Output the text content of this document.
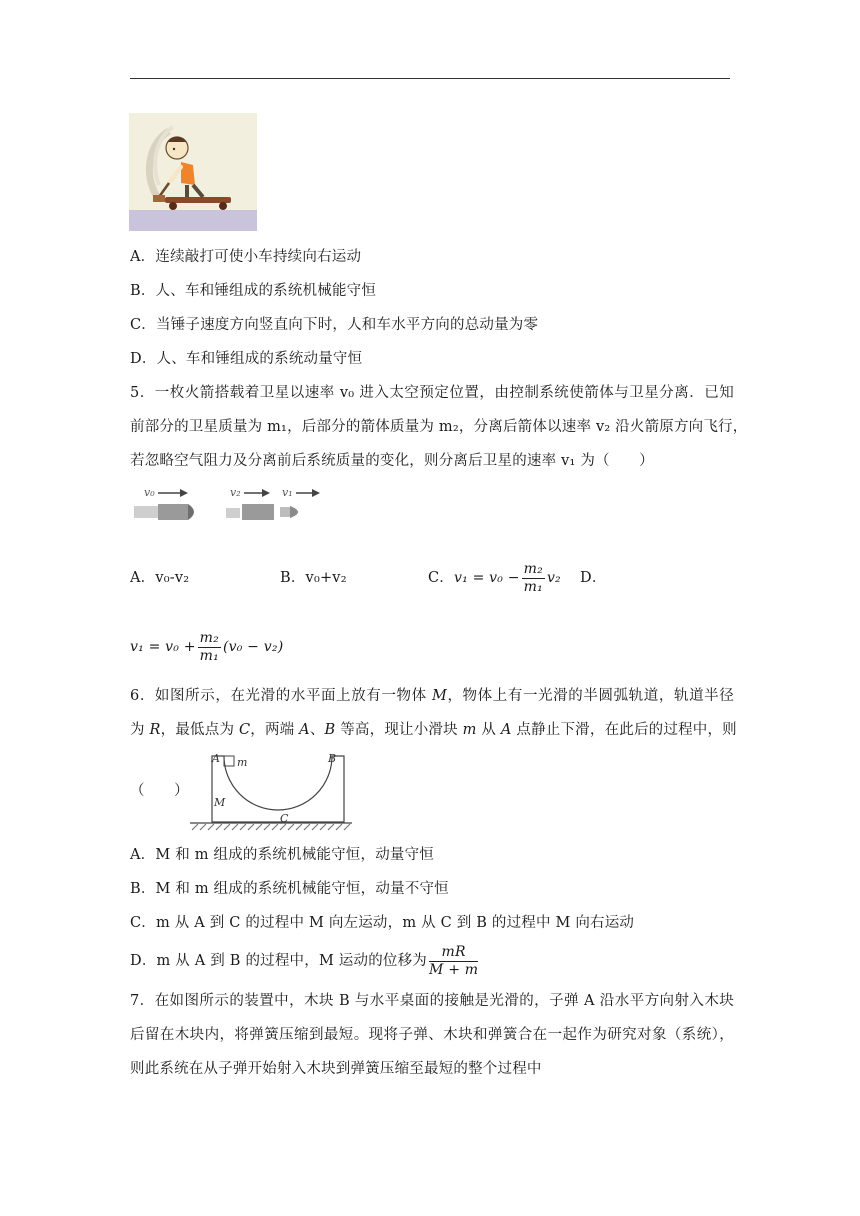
A．连续敲打可使小车持续向右运动
B．人、车和锤组成的系统机械能守恒
C．当锤子速度方向竖直向下时，人和车水平方向的总动量为零
D．人、车和锤组成的系统动量守恒
5．一枚火箭搭载着卫星以速率 v₀ 进入太空预定位置，由控制系统使箭体与卫星分离．已知
前部分的卫星质量为 m₁，后部分的箭体质量为 m₂，分离后箭体以速率 v₂ 沿火箭原方向飞行，
若忽略空气阻力及分离前后系统质量的变化，则分离后卫星的速率 v₁ 为（　　）
v₀	v₂	v₁
A．v₀-v₂	B．v₀+v₂	C．$v_1 = v_0 - \frac{\text{m₂}}{\text{m₁}} v_2$ D．
$v_1 = v_0 + \frac{\text{m₂}}{\text{m₁}} (v_0 - v_2)$
6．如图所示，在光滑的水平面上放有一物体 M，物体上有一光滑的半圆弧轨道，轨道半径
为 R，最低点为 C，两端 A、B 等高，现让小滑块 m 从 A 点静止下滑，在此后的过程中，则
（　　）
A	B
m
M
C
A．M 和 m 组成的系统机械能守恒，动量守恒
B．M 和 m 组成的系统机械能守恒，动量不守恒
C．m 从 A 到 C 的过程中 M 向左运动，m 从 C 到 B 的过程中 M 向右运动
D．m 从 A 到 B 的过程中，M 运动的位移为 $\frac{mR}{M + m}$
7．在如图所示的装置中，木块 B 与水平桌面的接触是光滑的，子弹 A 沿水平方向射入木块
后留在木块内，将弹簧压缩到最短。现将子弹、木块和弹簧合在一起作为研究对象（系统），
则此系统在从子弹开始射入木块到弹簧压缩至最短的整个过程中
